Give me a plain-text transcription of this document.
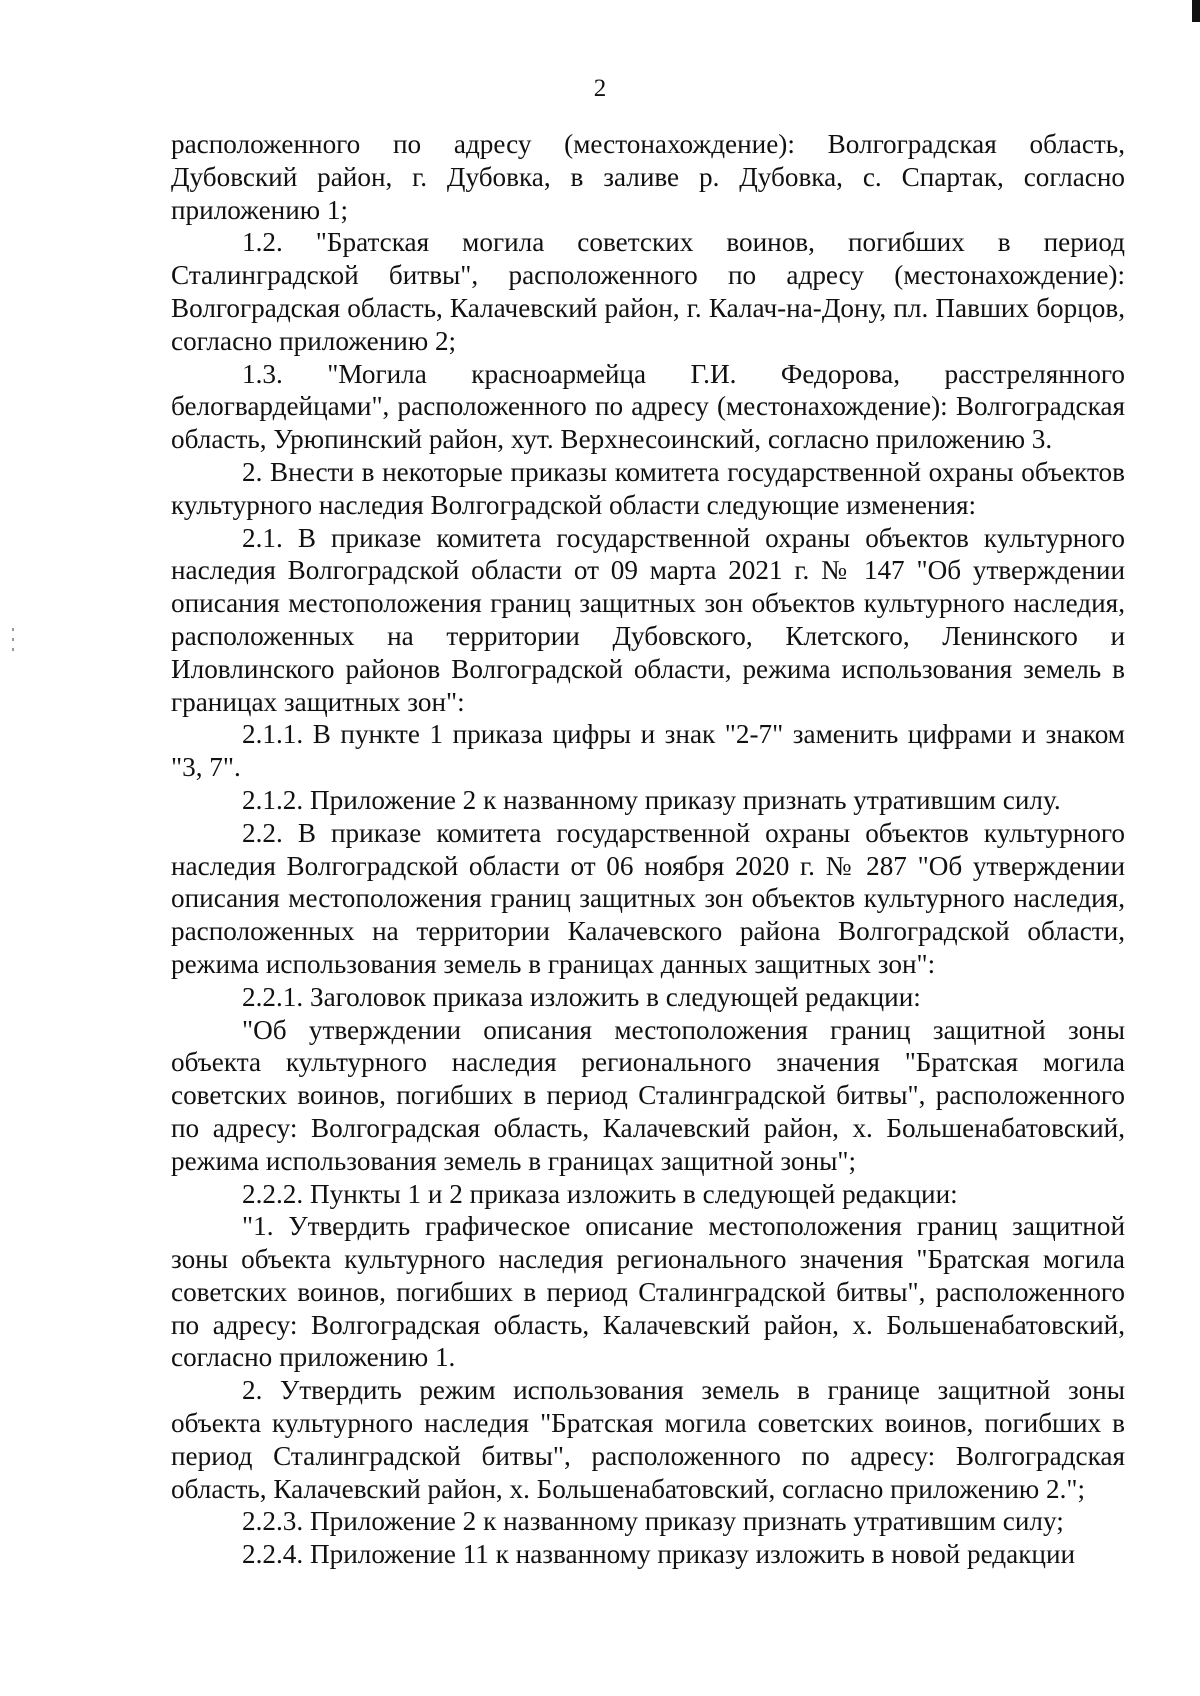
2

расположенного по адресу (местонахождение): Волгоградская область, Дубовский район, г. Дубовка, в заливе р. Дубовка, с. Спартак, согласно приложению 1;

1.2. "Братская могила советских воинов, погибших в период Сталинградской битвы", расположенного по адресу (местонахождение): Волгоградская область, Калачевский район, г. Калач-на-Дону, пл. Павших борцов, согласно приложению 2;

1.3. "Могила красноармейца Г.И. Федорова, расстрелянного белогвардейцами", расположенного по адресу (местонахождение): Волгоградская область, Урюпинский район, хут. Верхнесоинский, согласно приложению 3.

2. Внести в некоторые приказы комитета государственной охраны объектов культурного наследия Волгоградской области следующие изменения:

2.1. В приказе комитета государственной охраны объектов культурного наследия Волгоградской области от 09 марта 2021 г. № 147 "Об утверждении описания местоположения границ защитных зон объектов культурного наследия, расположенных на территории Дубовского, Клетского, Ленинского и Иловлинского районов Волгоградской области, режима использования земель в границах защитных зон":

2.1.1. В пункте 1 приказа цифры и знак "2-7" заменить цифрами и знаком "3, 7".

2.1.2. Приложение 2 к названному приказу признать утратившим силу.

2.2. В приказе комитета государственной охраны объектов культурного наследия Волгоградской области от 06 ноября 2020 г. № 287 "Об утверждении описания местоположения границ защитных зон объектов культурного наследия, расположенных на территории Калачевского района Волгоградской области, режима использования земель в границах данных защитных зон":

2.2.1. Заголовок приказа изложить в следующей редакции:

"Об утверждении описания местоположения границ защитной зоны объекта культурного наследия регионального значения "Братская могила советских воинов, погибших в период Сталинградской битвы", расположенного по адресу: Волгоградская область, Калачевский район, х. Большенабатовский, режима использования земель в границах защитной зоны";

2.2.2. Пункты 1 и 2 приказа изложить в следующей редакции:

"1. Утвердить графическое описание местоположения границ защитной зоны объекта культурного наследия регионального значения "Братская могила советских воинов, погибших в период Сталинградской битвы", расположенного по адресу: Волгоградская область, Калачевский район, х. Большенабатовский, согласно приложению 1.

2. Утвердить режим использования земель в границе защитной зоны объекта культурного наследия "Братская могила советских воинов, погибших в период Сталинградской битвы", расположенного по адресу: Волгоградская область, Калачевский район, х. Большенабатовский, согласно приложению 2.";

2.2.3. Приложение 2 к названному приказу признать утратившим силу;

2.2.4. Приложение 11 к названному приказу изложить в новой редакции
